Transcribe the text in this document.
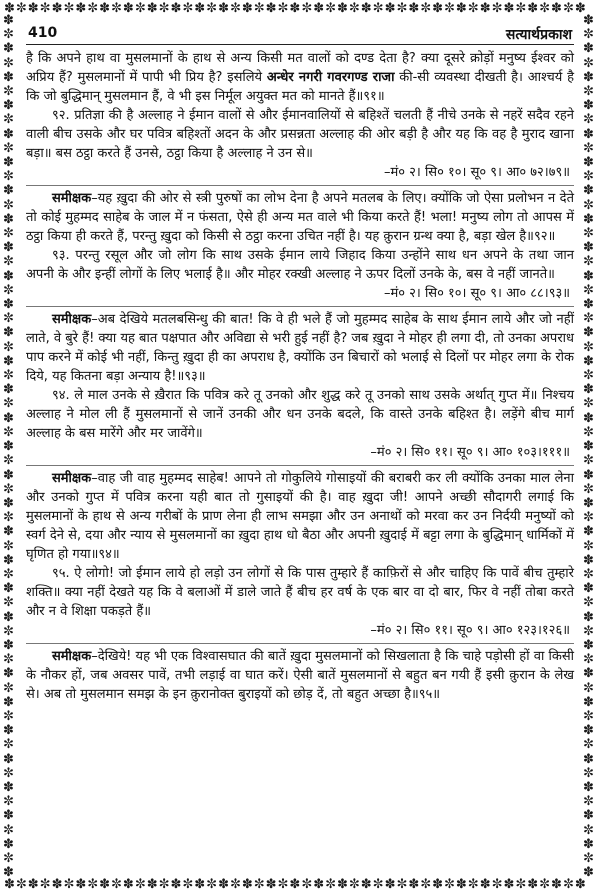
✽✼✽✼✽✼✽✼✽✼✽✼✽✼✽✼✽✼✽✼✽✼✽✼✽✼✽✼✽✼✽✼✽✼✽✼✽✼✽✼✽✼✽✼✽✼✽✼✽
✽✼✽✼✽✼✽✼✽✼✽✼✽✼✽✼✽✼✽✼✽✼✽✼✽✼✽✼✽✼✽✼✽✼✽✼✽✼✽✼✽✼✽✼✽✼✽✼✽
✽✼✽✼✽✼✽✼✽✼✽✼✽✼✽✼✽✼✽✼✽✼✽✼✽✼✽✼✽✼✽✼✽✼✽✼✽✼✽✼✽✼✽✼✽✼✽✼✽✼✽✼✽✼✽✼✽✼✽✼✽
✽✼✽✼✽✼✽✼✽✼✽✼✽✼✽✼✽✼✽✼✽✼✽✼✽✼✽✼✽✼✽✼✽✼✽✼✽✼✽✼✽✼✽✼✽✼✽✼✽✼✽✼✽✼✽✼✽✼✽✼✽
410	सत्यार्थप्रकाश

है कि अपने हाथ वा मुसलमानों के हाथ से अन्य किसी मत वालों को दण्ड देता है? क्या दूसरे क्रोड़ों मनुष्य ईश्वर को अप्रिय हैं? मुसलमानों में पापी भी प्रिय है? इसलिये अन्धेर नगरी गवरगण्ड राजा की-सी व्यवस्था दीखती है। आश्चर्य है कि जो बुद्धिमान् मुसलमान हैं, वे भी इस निर्मूल अयुक्त मत को मानते हैं॥९१॥

९२. प्रतिज्ञा की है अल्लाह ने ईमान वालों से और ईमानवालियों से बहिश्तें चलती हैं नीचे उनके से नहरें सदैव रहने वाली बीच उसके और घर पवित्र बहिश्तों अदन के और प्रसन्नता अल्लाह की ओर बड़ी है और यह कि वह है मुराद खाना बड़ा॥ बस ठट्ठा करते हैं उनसे, ठट्ठा किया है अल्लाह ने उन से॥

–मं० २। सि० १०। सू० ९। आ० ७२।७९॥

समीक्षक–यह ख़ुदा की ओर से स्त्री पुरुषों का लोभ देना है अपने मतलब के लिए। क्योंकि जो ऐसा प्रलोभन न देते तो कोई मुहम्मद साहेब के जाल में न फंसता, ऐसे ही अन्य मत वाले भी किया करते हैं! भला! मनुष्य लोग तो आपस में ठट्ठा किया ही करते हैं, परन्तु ख़ुदा को किसी से ठट्ठा करना उचित नहीं है। यह क़ुरान ग्रन्थ क्या है, बड़ा खेल है॥९२॥

९३. परन्तु रसूल और जो लोग कि साथ उसके ईमान लाये जिहाद किया उन्होंने साथ धन अपने के तथा जान अपनी के और इन्हीं लोगों के लिए भलाई है॥ और मोहर रक्खी अल्लाह ने ऊपर दिलों उनके के, बस वे नहीं जानते॥

–मं० २। सि० १०। सू० ९। आ० ८८।९३॥

समीक्षक–अब देखिये मतलबसिन्धु की बात! कि वे ही भले हैं जो मुहम्मद साहेब के साथ ईमान लाये और जो नहीं लाते, वे बुरे हैं! क्या यह बात पक्षपात और अविद्या से भरी हुई नहीं है? जब ख़ुदा ने मोहर ही लगा दी, तो उनका अपराध पाप करने में कोई भी नहीं, किन्तु ख़ुदा ही का अपराध है, क्योंकि उन बिचारों को भलाई से दिलों पर मोहर लगा के रोक दिये, यह कितना बड़ा अन्याय है!॥९३॥

९४. ले माल उनके से ख़ैरात कि पवित्र करे तू उनको और शुद्ध करे तू उनको साथ उसके अर्थात् गुप्त में॥ निश्चय अल्लाह ने मोल ली हैं मुसलमानों से जानें उनकी और धन उनके बदले, कि वास्ते उनके बहिश्त है। लड़ेंगे बीच मार्ग अल्लाह के बस मारेंगे और मर जावेंगे॥

–मं० २। सि० ११। सू० ९। आ० १०३।१११॥

समीक्षक–वाह जी वाह मुहम्मद साहेब! आपने तो गोकुलिये गोसाइयों की बराबरी कर ली क्योंकि उनका माल लेना और उनको गुप्त में पवित्र करना यही बात तो गुसाइयों की है। वाह ख़ुदा जी! आपने अच्छी सौदागरी लगाई कि मुसलमानों के हाथ से अन्य गरीबों के प्राण लेना ही लाभ समझा और उन अनाथों को मरवा कर उन निर्दयी मनुष्यों को स्वर्ग देने से, दया और न्याय से मुसलमानों का ख़ुदा हाथ धो बैठा और अपनी ख़ुदाई में बट्टा लगा के बुद्धिमान् धार्मिकों में घृणित हो गया॥९४॥

९५. ऐ लोगो! जो ईमान लाये हो लड़ो उन लोगों से कि पास तुम्हारे हैं काफ़िरों से और चाहिए कि पावें बीच तुम्हारे शक्ति॥ क्या नहीं देखते यह कि वे बलाओं में डाले जाते हैं बीच हर वर्ष के एक बार वा दो बार, फिर वे नहीं तोबा करते और न वे शिक्षा पकड़ते हैं॥

–मं० २। सि० ११। सू० ९। आ० १२३।१२६॥

समीक्षक–देखिये! यह भी एक विश्वासघात की बातें ख़ुदा मुसलमानों को सिखलाता है कि चाहे पड़ोसी हों वा किसी के नौकर हों, जब अवसर पावें, तभी लड़ाई वा घात करें। ऐसी बातें मुसलमानों से बहुत बन गयी हैं इसी क़ुरान के लेख से। अब तो मुसलमान समझ के इन क़ुरानोक्त बुराइयों को छोड़ दें, तो बहुत अच्छा है॥९५॥
